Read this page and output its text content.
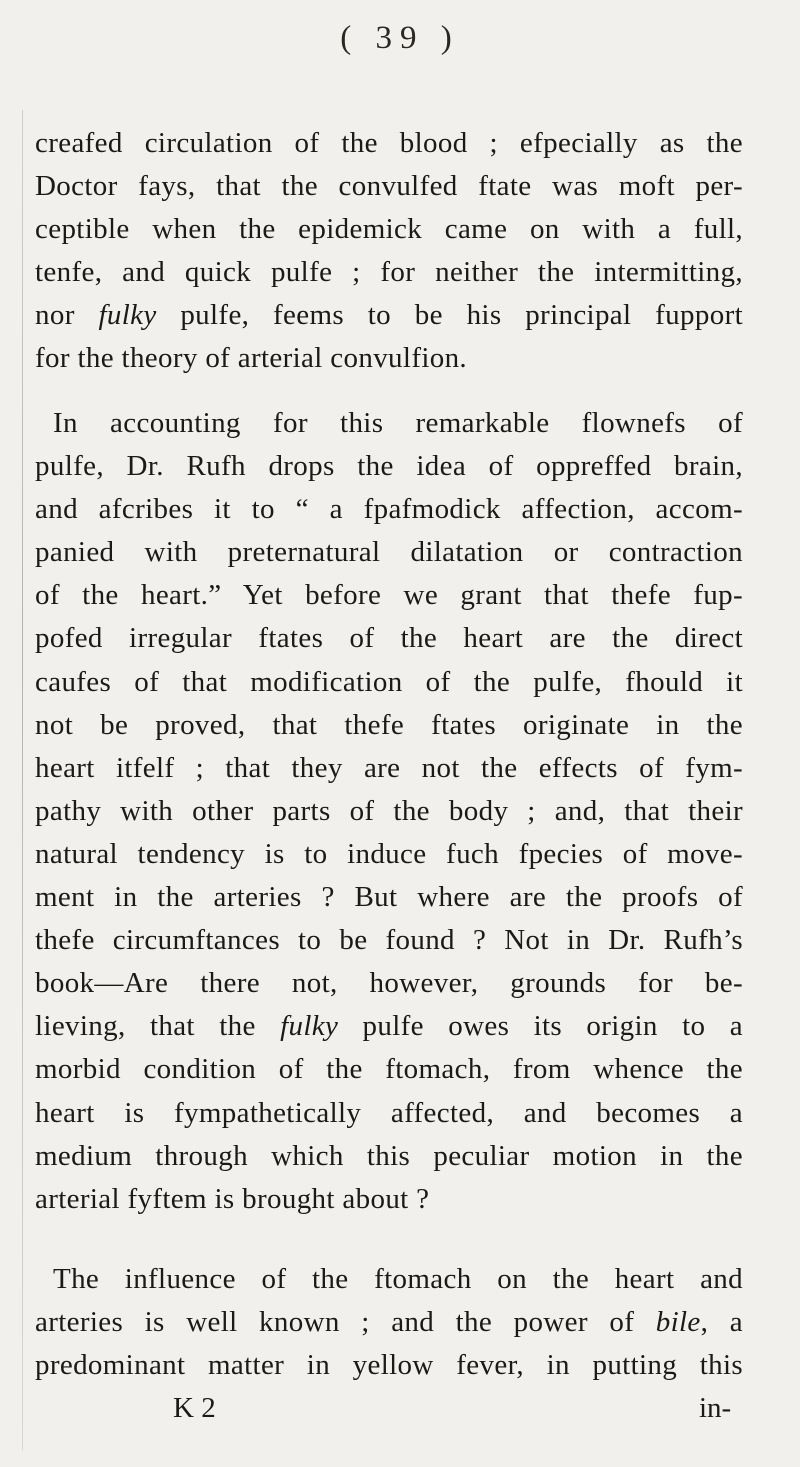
( 39 )
creafed circulation of the blood ; efpecially as the
Doctor fays, that the convulfed ftate was moft per-
ceptible when the epidemick came on with a full,
tenfe, and quick pulfe ; for neither the intermitting,
nor fulky pulfe, feems to be his principal fupport
for the theory of arterial convulfion.
In accounting for this remarkable flownefs of
pulfe, Dr. Rufh drops the idea of oppreffed brain,
and afcribes it to “ a fpafmodick affection, accom-
panied with preternatural dilatation or contraction
of the heart.” Yet before we grant that thefe fup-
pofed irregular ftates of the heart are the direct
caufes of that modification of the pulfe, fhould it
not be proved, that thefe ftates originate in the
heart itfelf ; that they are not the effects of fym-
pathy with other parts of the body ; and, that their
natural tendency is to induce fuch fpecies of move-
ment in the arteries ? But where are the proofs of
thefe circumftances to be found ? Not in Dr. Rufh’s
book—Are there not, however, grounds for be-
lieving, that the fulky pulfe owes its origin to a
morbid condition of the ftomach, from whence the
heart is fympathetically affected, and becomes a
medium through which this peculiar motion in the
arterial fyftem is brought about ?
The influence of the ftomach on the heart and
arteries is well known ; and the power of bile, a
predominant matter in yellow fever, in putting this
K 2	in-
